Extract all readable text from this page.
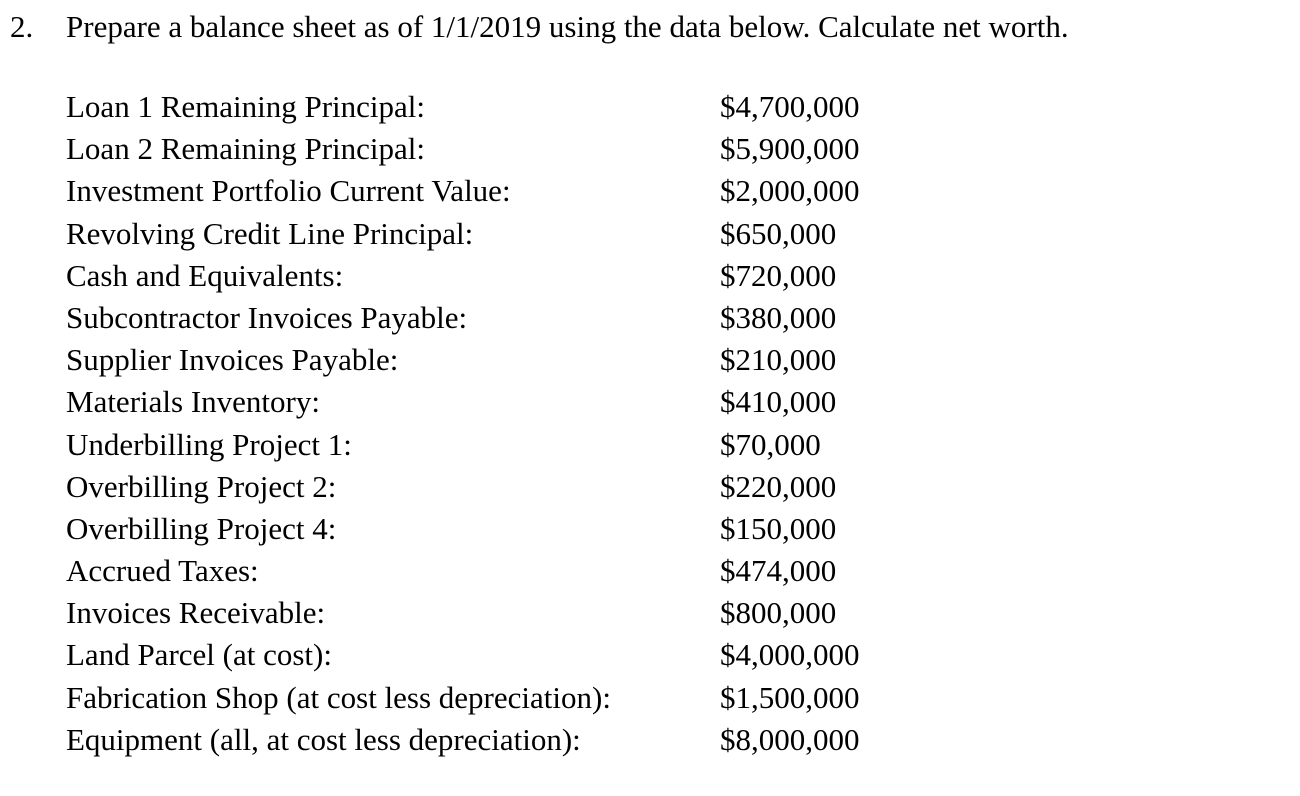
2. Prepare a balance sheet as of 1/1/2019 using the data below. Calculate net worth.
Loan 1 Remaining Principal:	$4,700,000
Loan 2 Remaining Principal:	$5,900,000
Investment Portfolio Current Value:	$2,000,000
Revolving Credit Line Principal:	$650,000
Cash and Equivalents:	$720,000
Subcontractor Invoices Payable:	$380,000
Supplier Invoices Payable:	$210,000
Materials Inventory:	$410,000
Underbilling Project 1:	$70,000
Overbilling Project 2:	$220,000
Overbilling Project 4:	$150,000
Accrued Taxes:	$474,000
Invoices Receivable:	$800,000
Land Parcel (at cost):	$4,000,000
Fabrication Shop (at cost less depreciation):	$1,500,000
Equipment (all, at cost less depreciation):	$8,000,000
